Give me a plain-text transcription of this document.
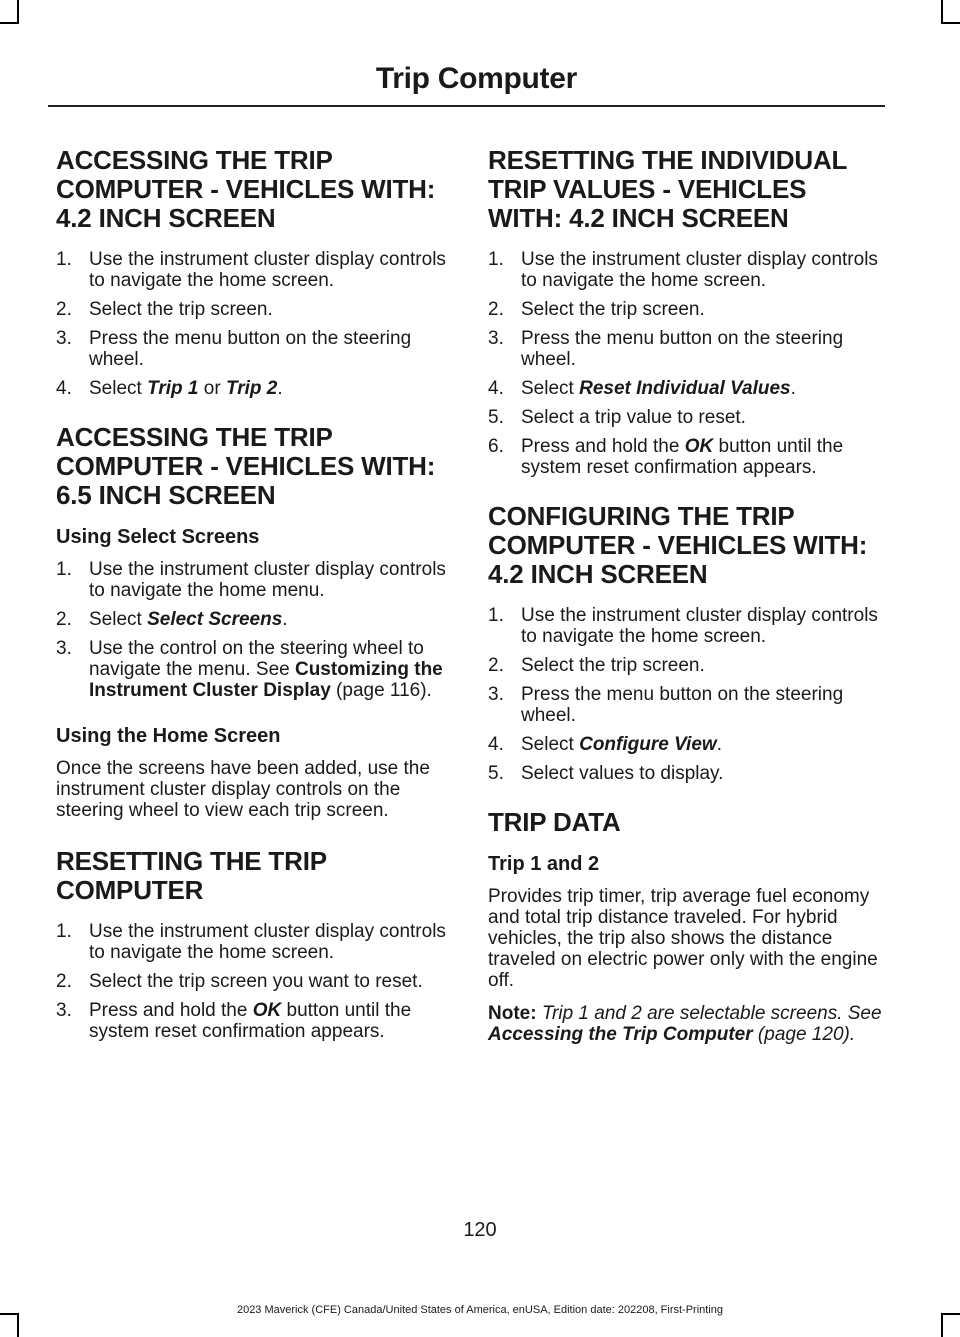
Trip Computer
ACCESSING THE TRIP
COMPUTER - VEHICLES WITH:
4.2 INCH SCREEN
1. Use the instrument cluster display controls to navigate the home screen.
2. Select the trip screen.
3. Press the menu button on the steering wheel.
4. Select Trip 1 or Trip 2.
ACCESSING THE TRIP
COMPUTER - VEHICLES WITH:
6.5 INCH SCREEN
Using Select Screens
1. Use the instrument cluster display controls to navigate the home menu.
2. Select Select Screens.
3. Use the control on the steering wheel to navigate the menu. See Customizing the Instrument Cluster Display (page 116).
Using the Home Screen

Once the screens have been added, use the instrument cluster display controls on the steering wheel to view each trip screen.

RESETTING THE TRIP
COMPUTER
1. Use the instrument cluster display controls to navigate the home screen.
2. Select the trip screen you want to reset.
3. Press and hold the OK button until the system reset confirmation appears.
RESETTING THE INDIVIDUAL
TRIP VALUES - VEHICLES
WITH: 4.2 INCH SCREEN
1. Use the instrument cluster display controls to navigate the home screen.
2. Select the trip screen.
3. Press the menu button on the steering wheel.
4. Select Reset Individual Values.
5. Select a trip value to reset.
6. Press and hold the OK button until the system reset confirmation appears.
CONFIGURING THE TRIP
COMPUTER - VEHICLES WITH:
4.2 INCH SCREEN
1. Use the instrument cluster display controls to navigate the home screen.
2. Select the trip screen.
3. Press the menu button on the steering wheel.
4. Select Configure View.
5. Select values to display.
TRIP DATA
Trip 1 and 2

Provides trip timer, trip average fuel economy and total trip distance traveled. For hybrid vehicles, the trip also shows the distance traveled on electric power only with the engine off.

Note: Trip 1 and 2 are selectable screens. See Accessing the Trip Computer (page 120).

120
2023 Maverick (CFE) Canada/United States of America, enUSA, Edition date: 202208, First-Printing
